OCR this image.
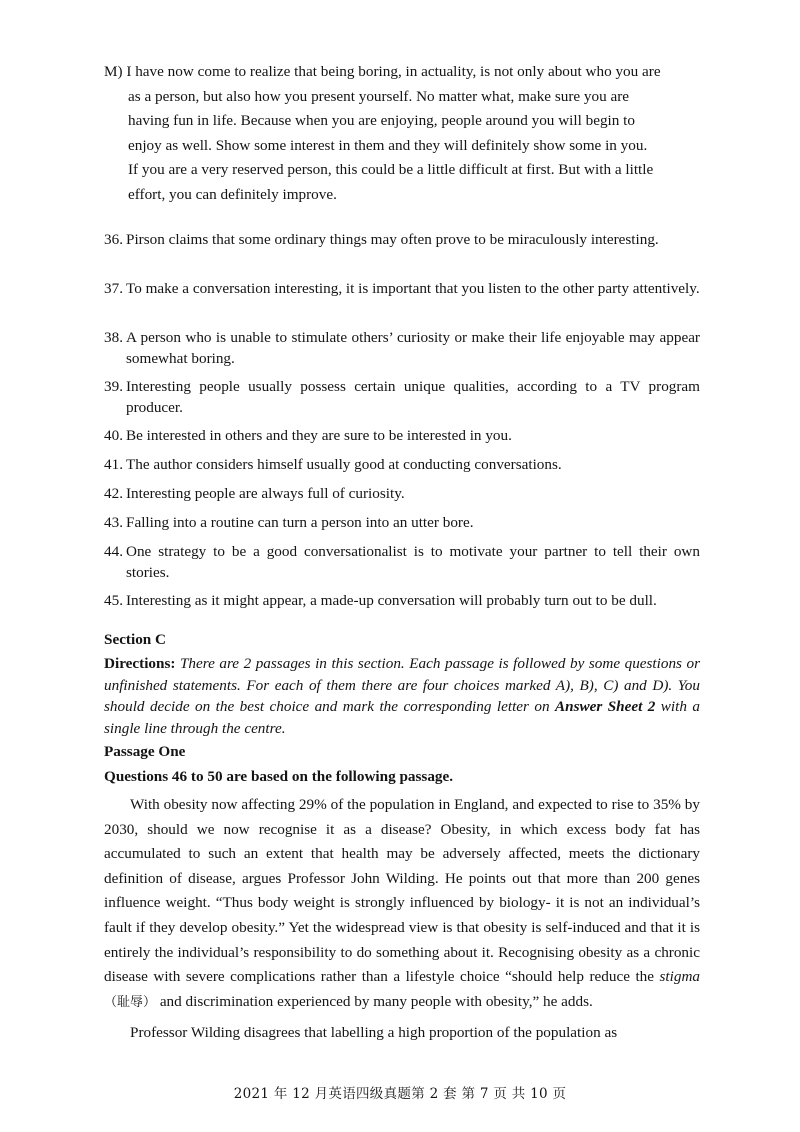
M) I have now come to realize that being boring, in actuality, is not only about who you are
as a person, but also how you present yourself. No matter what, make sure you are
having fun in life. Because when you are enjoying, people around you will begin to
enjoy as well. Show some interest in them and they will definitely show some in you.
If you are a very reserved person, this could be a little difficult at first. But with a little
effort, you can definitely improve.
36. Pirson claims that some ordinary things may often prove to be miraculously interesting.
37. To make a conversation interesting, it is important that you listen to the other party attentively.
38. A person who is unable to stimulate others’ curiosity or make their life enjoyable may appear somewhat boring.
39. Interesting people usually possess certain unique qualities, according to a TV program producer.
40. Be interested in others and they are sure to be interested in you.
41. The author considers himself usually good at conducting conversations.
42. Interesting people are always full of curiosity.
43. Falling into a routine can turn a person into an utter bore.
44. One strategy to be a good conversationalist is to motivate your partner to tell their own stories.
45. Interesting as it might appear, a made-up conversation will probably turn out to be dull.
Section C
Directions: There are 2 passages in this section. Each passage is followed by some questions or unfinished statements. For each of them there are four choices marked A), B), C) and D). You should decide on the best choice and mark the corresponding letter on Answer Sheet 2 with a single line through the centre.
Passage One
Questions 46 to 50 are based on the following passage.

With obesity now affecting 29% of the population in England, and expected to rise to 35% by 2030, should we now recognise it as a disease? Obesity, in which excess body fat has accumulated to such an extent that health may be adversely affected, meets the dictionary definition of disease, argues Professor John Wilding. He points out that more than 200 genes influence weight. “Thus body weight is strongly influenced by biology- it is not an individual’s fault if they develop obesity.” Yet the widespread view is that obesity is self-induced and that it is entirely the individual’s responsibility to do something about it. Recognising obesity as a chronic disease with severe complications rather than a lifestyle choice “should help reduce the stigma（耻辱） and discrimination experienced by many people with obesity,” he adds.

Professor Wilding disagrees that labelling a high proportion of the population as

2021 年 12 月英语四级真题第 2 套 第 7 页 共 10 页
